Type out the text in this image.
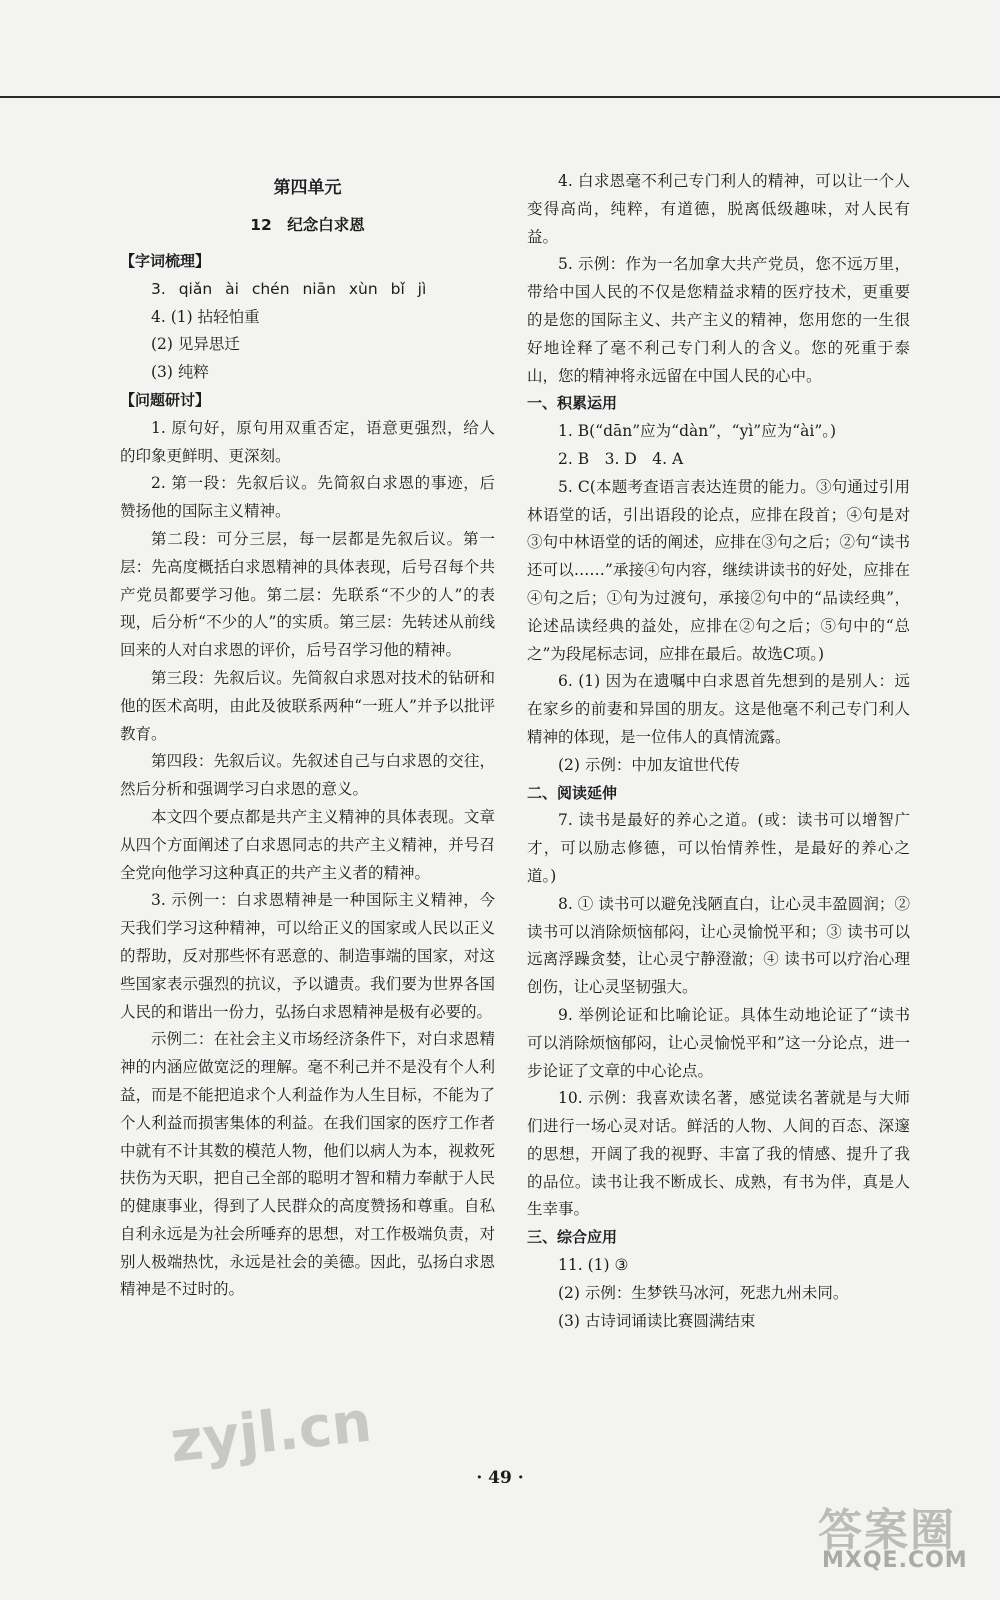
第四单元
12　纪念白求恩

【字词梳理】

3. qiǎn ài chén niān xùn bǐ jì

4. (1) 拈轻怕重

(2) 见异思迁

(3) 纯粹

【问题研讨】

1. 原句好，原句用双重否定，语意更强烈，给人的印象更鲜明、更深刻。

2. 第一段：先叙后议。先简叙白求恩的事迹，后赞扬他的国际主义精神。

第二段：可分三层，每一层都是先叙后议。第一层：先高度概括白求恩精神的具体表现，后号召每个共产党员都要学习他。第二层：先联系“不少的人”的表现，后分析“不少的人”的实质。第三层：先转述从前线回来的人对白求恩的评价，后号召学习他的精神。

第三段：先叙后议。先简叙白求恩对技术的钻研和他的医术高明，由此及彼联系两种“一班人”并予以批评教育。

第四段：先叙后议。先叙述自己与白求恩的交往，然后分析和强调学习白求恩的意义。

本文四个要点都是共产主义精神的具体表现。文章从四个方面阐述了白求恩同志的共产主义精神，并号召全党向他学习这种真正的共产主义者的精神。

3. 示例一：白求恩精神是一种国际主义精神，今天我们学习这种精神，可以给正义的国家或人民以正义的帮助，反对那些怀有恶意的、制造事端的国家，对这些国家表示强烈的抗议，予以谴责。我们要为世界各国人民的和谐出一份力，弘扬白求恩精神是极有必要的。

示例二：在社会主义市场经济条件下，对白求恩精神的内涵应做宽泛的理解。毫不利己并不是没有个人利益，而是不能把追求个人利益作为人生目标，不能为了个人利益而损害集体的利益。在我们国家的医疗工作者中就有不计其数的模范人物，他们以病人为本，视救死扶伤为天职，把自己全部的聪明才智和精力奉献于人民的健康事业，得到了人民群众的高度赞扬和尊重。自私自利永远是为社会所唾弃的思想，对工作极端负责，对别人极端热忱，永远是社会的美德。因此，弘扬白求恩精神是不过时的。

4. 白求恩毫不利己专门利人的精神，可以让一个人变得高尚，纯粹，有道德，脱离低级趣味，对人民有益。

5. 示例：作为一名加拿大共产党员，您不远万里，带给中国人民的不仅是您精益求精的医疗技术，更重要的是您的国际主义、共产主义的精神，您用您的一生很好地诠释了毫不利己专门利人的含义。您的死重于泰山，您的精神将永远留在中国人民的心中。

一、积累运用

1. B(“dān”应为“dàn”，“yì”应为“ài”。)

2. B　3. D　4. A

5. C(本题考查语言表达连贯的能力。③句通过引用林语堂的话，引出语段的论点，应排在段首；④句是对③句中林语堂的话的阐述，应排在③句之后；②句“读书还可以……”承接④句内容，继续讲读书的好处，应排在④句之后；①句为过渡句，承接②句中的“品读经典”，论述品读经典的益处，应排在②句之后；⑤句中的“总之”为段尾标志词，应排在最后。故选C项。)

6. (1) 因为在遗嘱中白求恩首先想到的是别人：远在家乡的前妻和异国的朋友。这是他毫不利己专门利人精神的体现，是一位伟人的真情流露。

(2) 示例：中加友谊世代传

二、阅读延伸

7. 读书是最好的养心之道。(或：读书可以增智广才，可以励志修德，可以怡情养性，是最好的养心之道。)

8. ① 读书可以避免浅陋直白，让心灵丰盈圆润；② 读书可以消除烦恼郁闷，让心灵愉悦平和；③ 读书可以远离浮躁贪婪，让心灵宁静澄澈；④ 读书可以疗治心理创伤，让心灵坚韧强大。

9. 举例论证和比喻论证。具体生动地论证了“读书可以消除烦恼郁闷，让心灵愉悦平和”这一分论点，进一步论证了文章的中心论点。

10. 示例：我喜欢读名著，感觉读名著就是与大师们进行一场心灵对话。鲜活的人物、人间的百态、深邃的思想，开阔了我的视野、丰富了我的情感、提升了我的品位。读书让我不断成长、成熟，有书为伴，真是人生幸事。

三、综合应用

11. (1) ③

(2) 示例：生梦铁马冰河，死悲九州未同。

(3) 古诗词诵读比赛圆满结束

· 49 ·
zyjl.cn
答案圈
MXQE.COM
